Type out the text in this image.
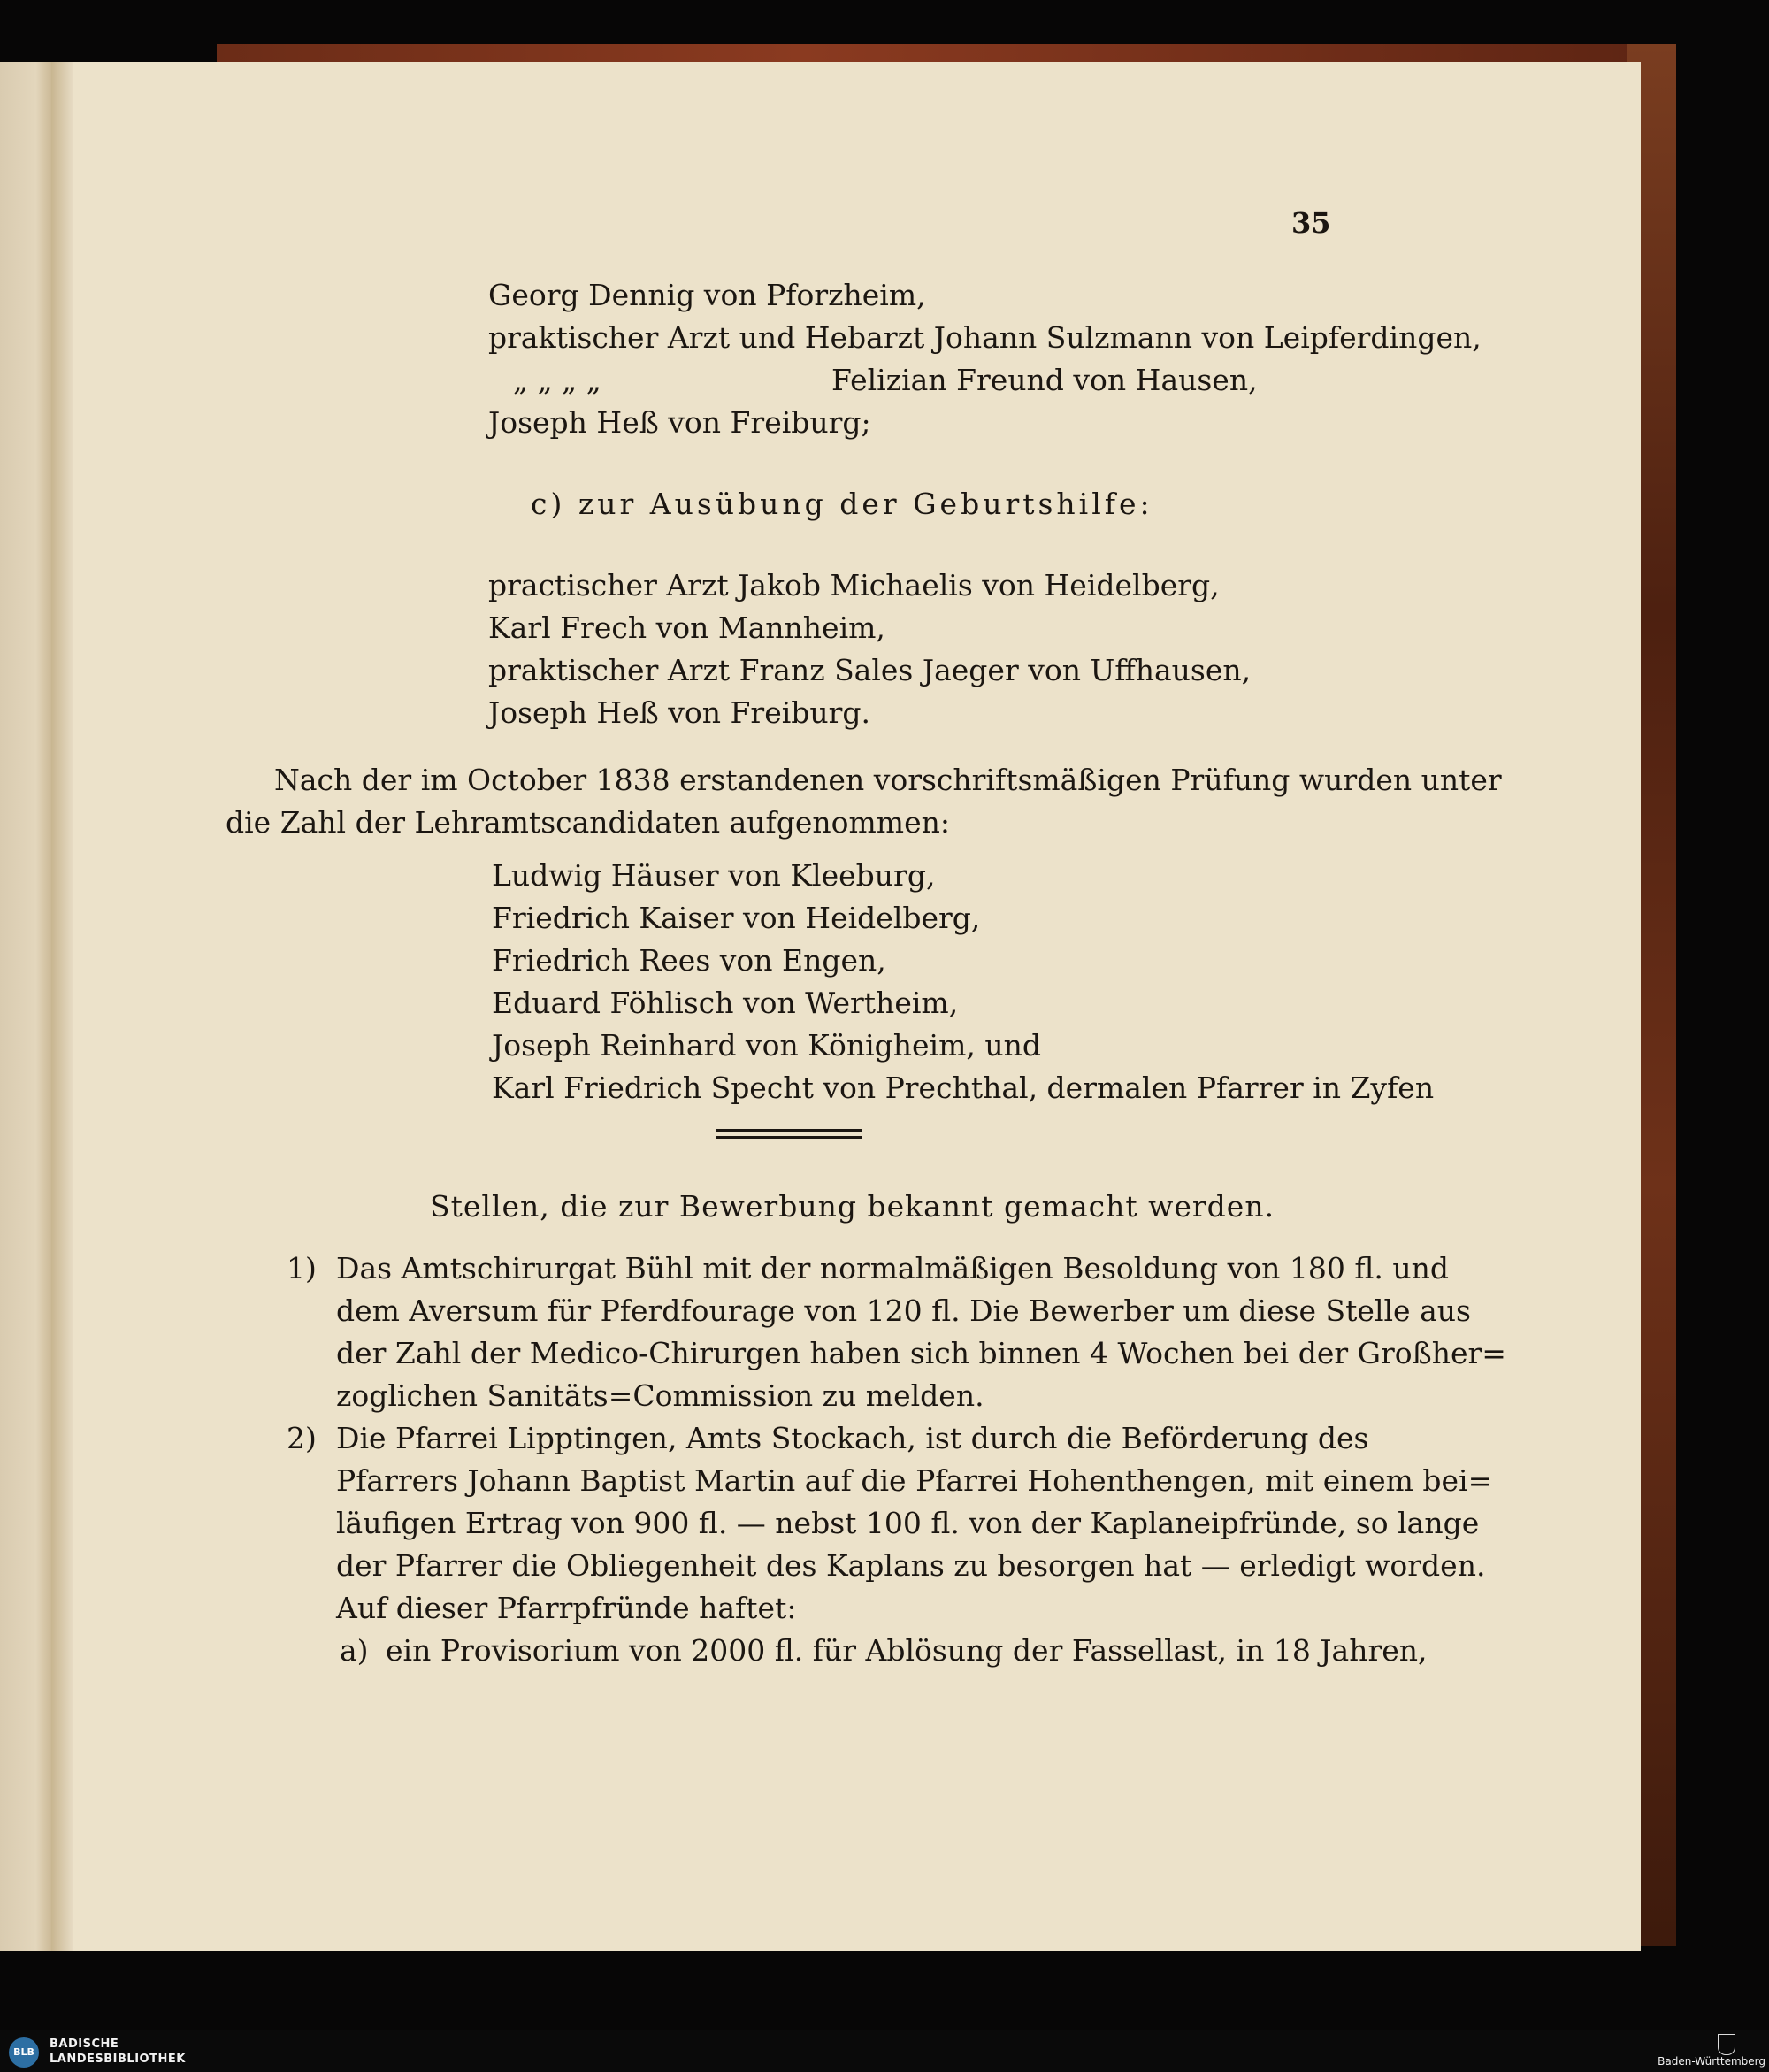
35
Georg Dennig von Pforzheim,
praktischer Arzt und Hebarzt Johann Sulzmann von Leipferdingen,
„ „ „ „	Felizian Freund von Hausen,
Joseph Heß von Freiburg;
c) zur Ausübung der Geburtshilfe:
practischer Arzt Jakob Michaelis von Heidelberg,
Karl Frech von Mannheim,
praktischer Arzt Franz Sales Jaeger von Uffhausen,
Joseph Heß von Freiburg.
Nach der im October 1838 erstandenen vorschriftsmäßigen Prüfung wurden unter
die Zahl der Lehramtscandidaten aufgenommen:
Ludwig Häuser von Kleeburg,
Friedrich Kaiser von Heidelberg,
Friedrich Rees von Engen,
Eduard Föhlisch von Wertheim,
Joseph Reinhard von Königheim, und
Karl Friedrich Specht von Prechthal, dermalen Pfarrer in Zyfen
Stellen, die zur Bewerbung bekannt gemacht werden.
1) Das Amtschirurgat Bühl mit der normalmäßigen Besoldung von 180 fl. und
dem Aversum für Pferdfourage von 120 fl. Die Bewerber um diese Stelle aus
der Zahl der Medico-Chirurgen haben sich binnen 4 Wochen bei der Großher=
zoglichen Sanitäts=Commission zu melden.
2) Die Pfarrei Lipptingen, Amts Stockach, ist durch die Beförderung des
Pfarrers Johann Baptist Martin auf die Pfarrei Hohenthengen, mit einem bei=
läufigen Ertrag von 900 fl. — nebst 100 fl. von der Kaplaneipfründe, so lange
der Pfarrer die Obliegenheit des Kaplans zu besorgen hat — erledigt worden.
Auf dieser Pfarrpfründe haftet:
a) ein Provisorium von 2000 fl. für Ablösung der Fassellast, in 18 Jahren,
BLB
BADISCHE
LANDESBIBLIOTHEK	Baden-Württemberg
